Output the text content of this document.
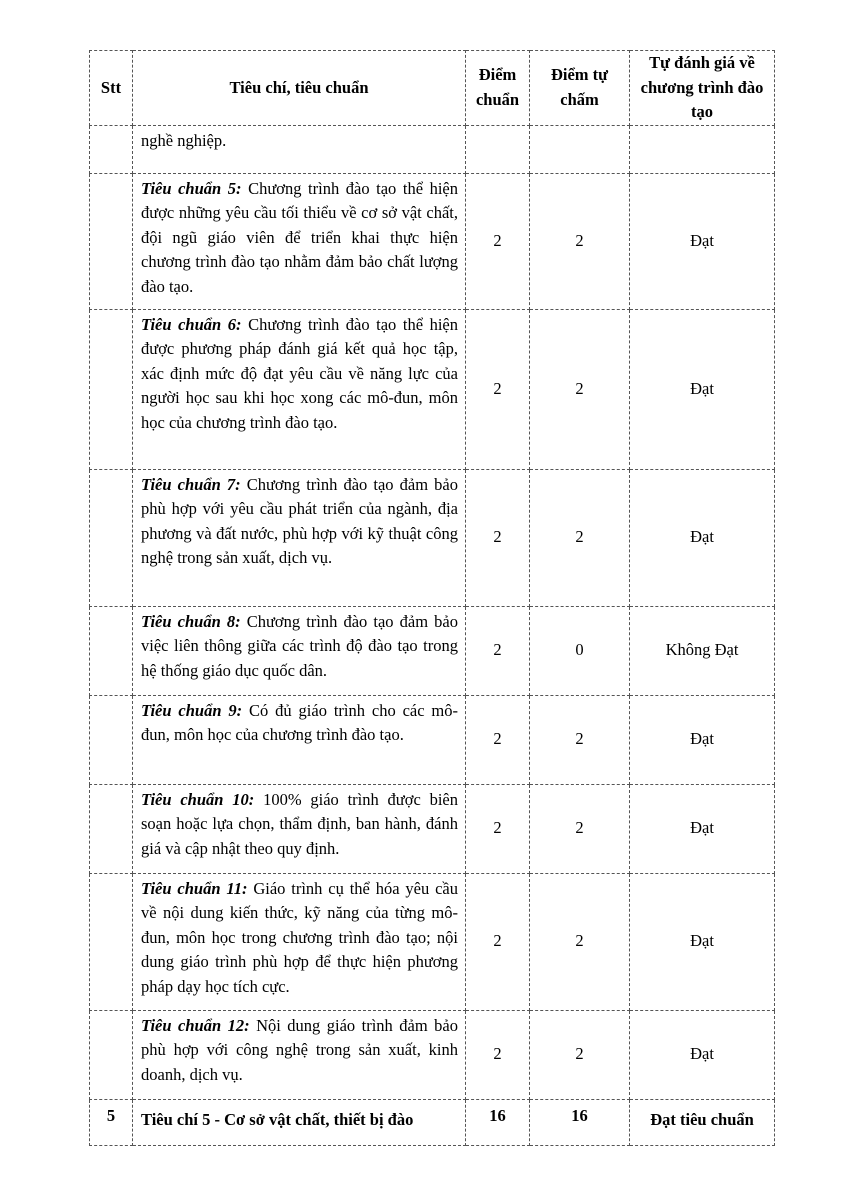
Stt	Tiêu chí, tiêu chuẩn	Điểm chuẩn	Điểm tự chấm	Tự đánh giá về chương trình đào tạo
	nghề nghiệp.			
	Tiêu chuẩn 5: Chương trình đào tạo thể hiện được những yêu cầu tối thiểu về cơ sở vật chất, đội ngũ giáo viên để triển khai thực hiện chương trình đào tạo nhằm đảm bảo chất lượng đào tạo.	2	2	Đạt
	Tiêu chuẩn 6: Chương trình đào tạo thể hiện được phương pháp đánh giá kết quả học tập, xác định mức độ đạt yêu cầu về năng lực của người học sau khi học xong các mô-đun, môn học của chương trình đào tạo.	2	2	Đạt
	Tiêu chuẩn 7: Chương trình đào tạo đảm bảo phù hợp với yêu cầu phát triển của ngành, địa phương và đất nước, phù hợp với kỹ thuật công nghệ trong sản xuất, dịch vụ.	2	2	Đạt
	Tiêu chuẩn 8: Chương trình đào tạo đảm bảo việc liên thông giữa các trình độ đào tạo trong hệ thống giáo dục quốc dân.	2	0	Không Đạt
	Tiêu chuẩn 9: Có đủ giáo trình cho các mô-đun, môn học của chương trình đào tạo.	2	2	Đạt
	Tiêu chuẩn 10: 100% giáo trình được biên soạn hoặc lựa chọn, thẩm định, ban hành, đánh giá và cập nhật theo quy định.	2	2	Đạt
	Tiêu chuẩn 11: Giáo trình cụ thể hóa yêu cầu về nội dung kiến thức, kỹ năng của từng mô-đun, môn học trong chương trình đào tạo; nội dung giáo trình phù hợp để thực hiện phương pháp dạy học tích cực.	2	2	Đạt
	Tiêu chuẩn 12: Nội dung giáo trình đảm bảo phù hợp với công nghệ trong sản xuất, kinh doanh, dịch vụ.	2	2	Đạt
5	Tiêu chí 5 - Cơ sở vật chất, thiết bị đào	16	16	Đạt tiêu chuẩn
